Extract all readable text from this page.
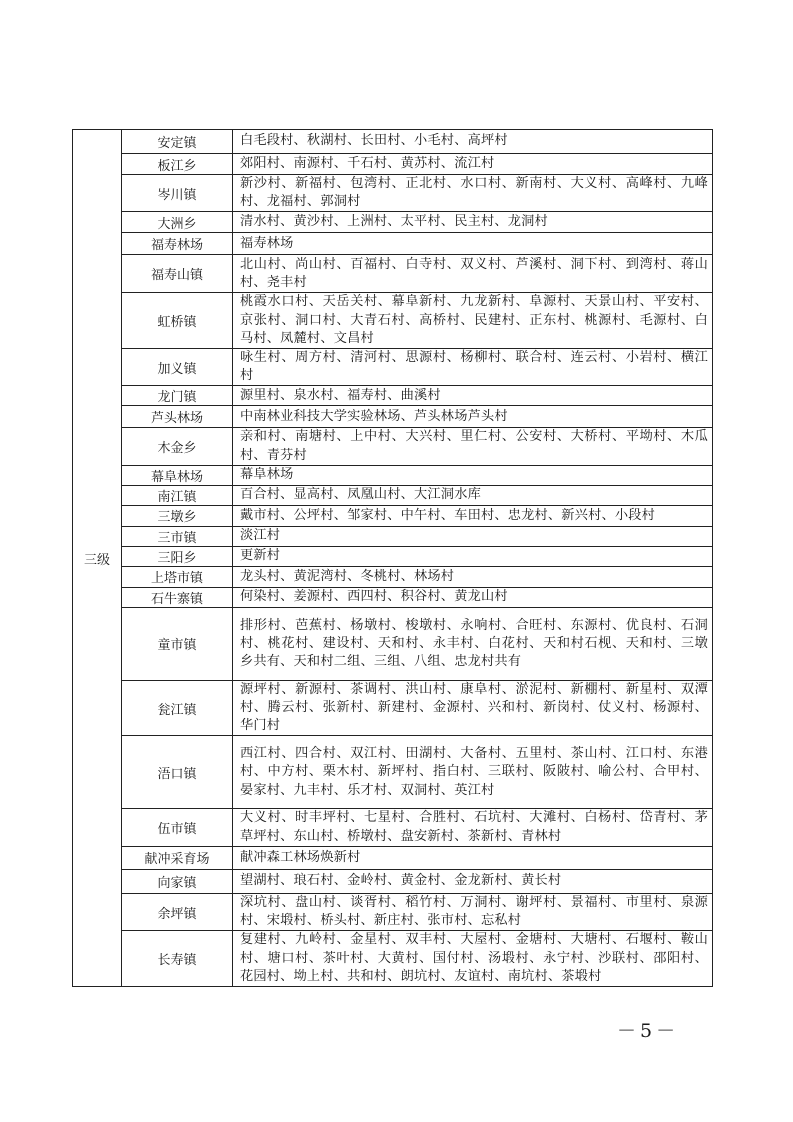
三级	安定镇	白毛段村、秋湖村、长田村、小毛村、高坪村
	板江乡	郊阳村、南源村、千石村、黄苏村、流江村
	岑川镇	新沙村、新福村、包湾村、正北村、水口村、新南村、大义村、高峰村、九峰村、龙福村、郭洞村
	大洲乡	清水村、黄沙村、上洲村、太平村、民主村、龙洞村
	福寿林场	福寿林场
	福寿山镇	北山村、尚山村、百福村、白寺村、双义村、芦溪村、洞下村、到湾村、蒋山村、尧丰村
	虹桥镇	桃霞水口村、天岳关村、幕阜新村、九龙新村、阜源村、天景山村、平安村、京张村、洞口村、大青石村、高桥村、民建村、正东村、桃源村、毛源村、白马村、凤麓村、文昌村
	加义镇	咏生村、周方村、清河村、思源村、杨柳村、联合村、连云村、小岩村、横江村
	龙门镇	源里村、泉水村、福寿村、曲溪村
	芦头林场	中南林业科技大学实验林场、芦头林场芦头村
	木金乡	亲和村、南塘村、上中村、大兴村、里仁村、公安村、大桥村、平坳村、木瓜村、青芬村
	幕阜林场	幕阜林场
	南江镇	百合村、显高村、凤凰山村、大江洞水库
	三墩乡	戴市村、公坪村、邹家村、中午村、车田村、忠龙村、新兴村、小段村
	三市镇	淡江村
	三阳乡	更新村
	上塔市镇	龙头村、黄泥湾村、冬桃村、林场村
	石牛寨镇	何染村、姜源村、西四村、积谷村、黄龙山村
	童市镇	排形村、芭蕉村、杨墩村、梭墩村、永响村、合旺村、东源村、优良村、石洞村、桃花村、建设村、天和村、永丰村、白花村、天和村石枧、天和村、三墩乡共有、天和村二组、三组、八组、忠龙村共有
	瓮江镇	源坪村、新源村、茶调村、洪山村、康阜村、淤泥村、新棚村、新星村、双潭村、腾云村、张新村、新建村、金源村、兴和村、新岗村、仗义村、杨源村、华门村
	浯口镇	西江村、四合村、双江村、田湖村、大备村、五里村、茶山村、江口村、东港村、中方村、栗木村、新坪村、指白村、三联村、阪陂村、喻公村、合甲村、晏家村、九丰村、乐才村、双洞村、英江村
	伍市镇	大义村、时丰坪村、七星村、合胜村、石坑村、大滩村、白杨村、岱青村、茅草坪村、东山村、桥墩村、盘安新村、茶新村、青林村
	献冲采育场	献冲森工林场焕新村
	向家镇	望湖村、琅石村、金岭村、黄金村、金龙新村、黄长村
	余坪镇	深坑村、盘山村、谈胥村、稻竹村、万洞村、谢坪村、景福村、市里村、泉源村、宋塅村、桥头村、新庄村、张市村、忘私村
	长寿镇	复建村、九岭村、金星村、双丰村、大屋村、金塘村、大塘村、石堰村、鞍山村、塘口村、茶叶村、大黄村、国付村、汤塅村、永宁村、沙联村、邵阳村、花园村、坳上村、共和村、朗坑村、友谊村、南坑村、茶塅村
－5－
